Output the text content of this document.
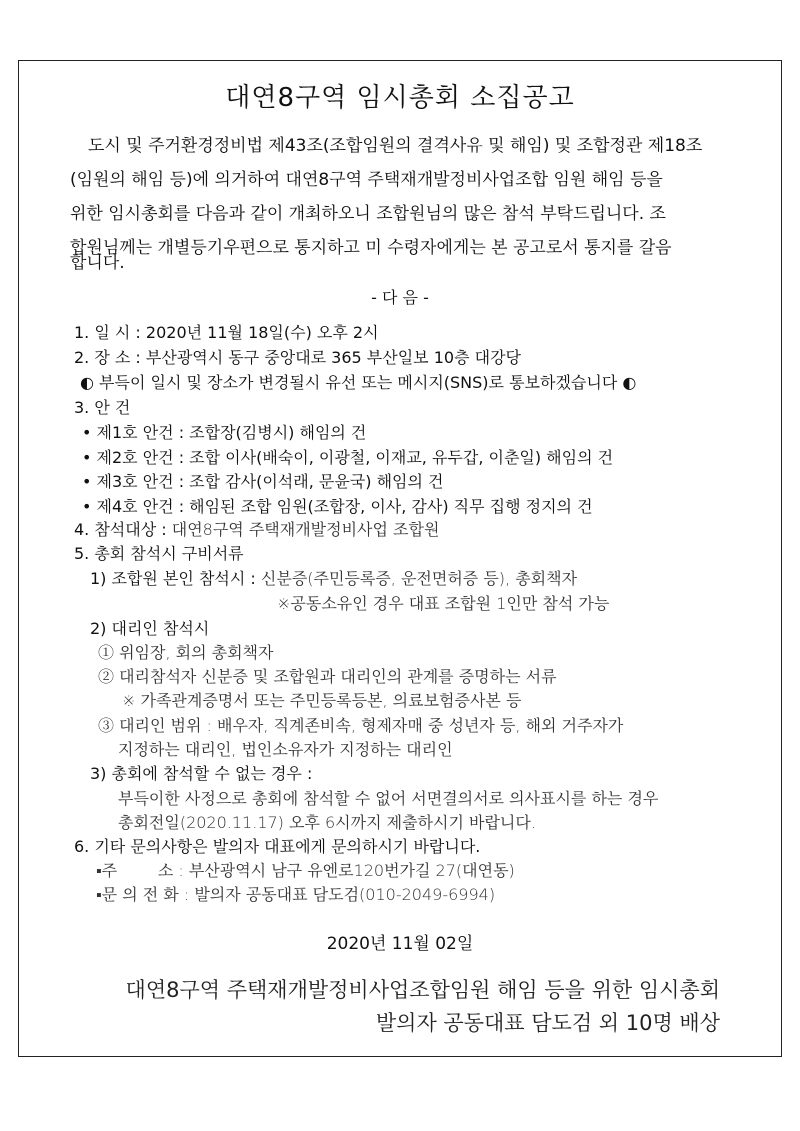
대연8구역 임시총회 소집공고
도시 및 주거환경정비법 제43조(조합임원의 결격사유 및 해임) 및 조합정관 제18조
(임원의 해임 등)에 의거하여 대연8구역 주택재개발정비사업조합 임원 해임 등을
위한 임시총회를 다음과 같이 개최하오니 조합원님의 많은 참석 부탁드립니다. 조
합원님께는 개별등기우편으로 통지하고 미 수령자에게는 본 공고로서 통지를 갈음
합니다.
- 다 음 -
1. 일 시 : 2020년 11월 18일(수) 오후 2시
2. 장 소 : 부산광역시 동구 중앙대로 365 부산일보 10층 대강당
◐ 부득이 일시 및 장소가 변경될시 유선 또는 메시지(SNS)로 통보하겠습니다 ◐
3. 안 건
• 제1호 안건 : 조합장(김병시) 해임의 건
• 제2호 안건 : 조합 이사(배숙이, 이광철, 이재교, 유두갑, 이춘일) 해임의 건
• 제3호 안건 : 조합 감사(이석래, 문윤국) 해임의 건
• 제4호 안건 : 해임된 조합 임원(조합장, 이사, 감사) 직무 집행 정지의 건
4. 참석대상 : 대연8구역 주택재개발정비사업 조합원
5. 총회 참석시 구비서류
1) 조합원 본인 참석시 : 신분증(주민등록증, 운전면허증 등), 총회책자
※공동소유인 경우 대표 조합원 1인만 참석 가능
2) 대리인 참석시
① 위임장, 회의 총회책자
② 대리참석자 신분증 및 조합원과 대리인의 관계를 증명하는 서류
※ 가족관계증명서 또는 주민등록등본, 의료보험증사본 등
③ 대리인 범위 : 배우자, 직계존비속, 형제자매 중 성년자 등, 해외 거주자가
지정하는 대리인, 법인소유자가 지정하는 대리인
3) 총회에 참석할 수 없는 경우 :
부득이한 사정으로 총회에 참석할 수 없어 서면결의서로 의사표시를 하는 경우
총회전일(2020.11.17) 오후 6시까지 제출하시기 바랍니다.
6. 기타 문의사항은 발의자 대표에게 문의하시기 바랍니다.
▪주        소 : 부산광역시 남구 유엔로120번가길 27(대연동)
▪문 의 전 화 : 발의자 공동대표 담도검(010-2049-6994)
2020년 11월 02일
대연8구역 주택재개발정비사업조합임원 해임 등을 위한 임시총회
발의자 공동대표 담도검 외 10명 배상
